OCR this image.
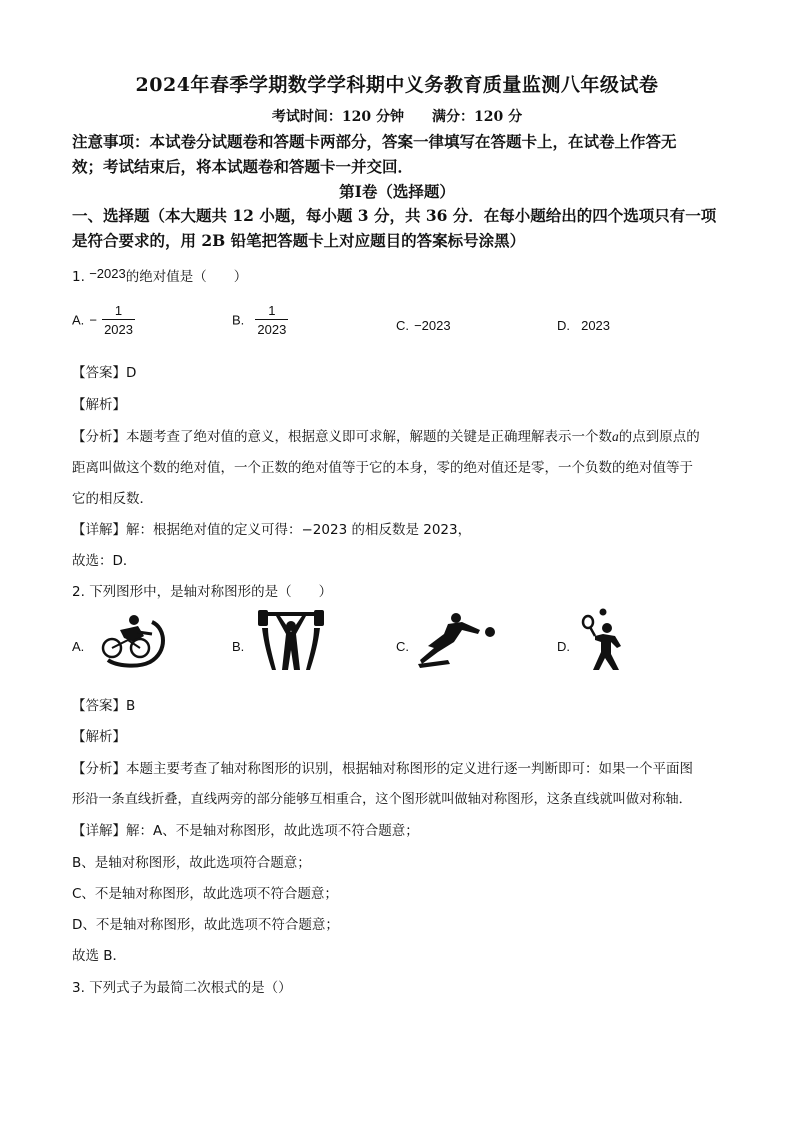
2024年春季学期数学学科期中义务教育质量监测八年级试卷
考试时间：120 分钟 满分：120 分
注意事项：本试卷分试题卷和答题卡两部分，答案一律填写在答题卡上，在试卷上作答无
效；考试结束后，将本试题卷和答题卡一并交回．
第Ⅰ卷（选择题）
一、选择题（本大题共 12 小题，每小题 3 分，共 36 分．在每小题给出的四个选项只有一项
是符合要求的，用 2B 铅笔把答题卡上对应题目的答案标号涂黑）
1. −2023的绝对值是（　　）
A. − $\frac{1}{2023}$	B. $\frac{1}{2023}$	C. −2023	D. 2023
【答案】D
【解析】
【分析】本题考查了绝对值的意义，根据意义即可求解，解题的关键是正确理解表示一个数a的点到原点的
距离叫做这个数的绝对值，一个正数的绝对值等于它的本身，零的绝对值还是零，一个负数的绝对值等于
它的相反数．
【详解】解：根据绝对值的定义可得：−2023 的相反数是 2023，
故选：D．
2. 下列图形中，是轴对称图形的是（　　）
A.	B.	C.	D.
【答案】B
【解析】
【分析】本题主要考查了轴对称图形的识别，根据轴对称图形的定义进行逐一判断即可：如果一个平面图
形沿一条直线折叠，直线两旁的部分能够互相重合，这个图形就叫做轴对称图形，这条直线就叫做对称轴．
【详解】解：A、不是轴对称图形，故此选项不符合题意；
B、是轴对称图形，故此选项符合题意；
C、不是轴对称图形，故此选项不符合题意；
D、不是轴对称图形，故此选项不符合题意；
故选 B．
3. 下列式子为最简二次根式的是（）
